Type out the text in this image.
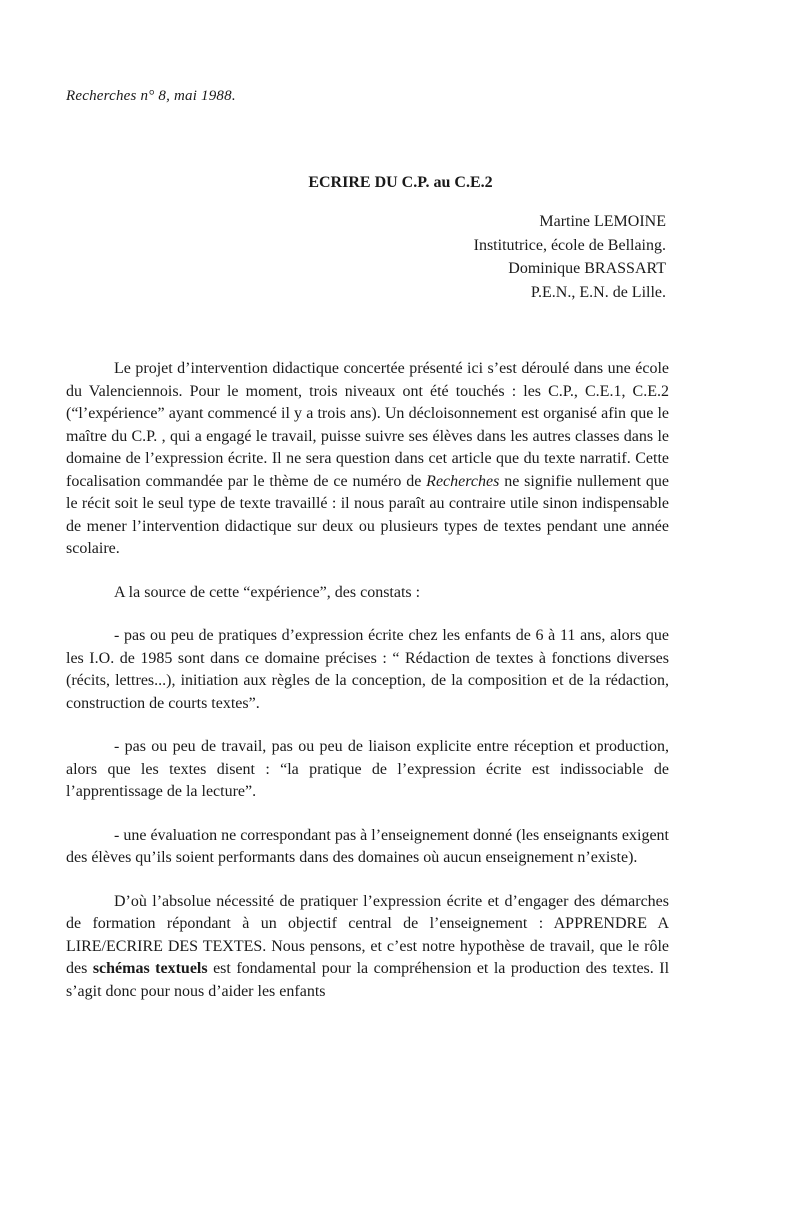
Recherches n° 8, mai 1988.
ECRIRE DU C.P. au C.E.2
Martine LEMOINE
Institutrice, école de Bellaing.
Dominique BRASSART
P.E.N., E.N. de Lille.

Le projet d’intervention didactique concertée présenté ici s’est déroulé dans une école du Valenciennois. Pour le moment, trois niveaux ont été touchés : les C.P., C.E.1, C.E.2 (“l’expérience” ayant commencé il y a trois ans). Un décloisonnement est organisé afin que le maître du C.P. , qui a engagé le travail, puisse suivre ses élèves dans les autres classes dans le domaine de l’expression écrite. Il ne sera question dans cet article que du texte narratif. Cette focalisation commandée par le thème de ce numéro de Recherches ne signifie nullement que le récit soit le seul type de texte travaillé : il nous paraît au contraire utile sinon indispensable de mener l’intervention didactique sur deux ou plusieurs types de textes pendant une année scolaire.

A la source de cette “expérience”, des constats :

- pas ou peu de pratiques d’expression écrite chez les enfants de 6 à 11 ans, alors que les I.O. de 1985 sont dans ce domaine précises : “ Rédaction de textes à fonctions diverses (récits, lettres...), initiation aux règles de la conception, de la composition et de la rédaction, construction de courts textes”.

- pas ou peu de travail, pas ou peu de liaison explicite entre réception et production, alors que les textes disent : “la pratique de l’expression écrite est indissociable de l’apprentissage de la lecture”.

- une évaluation ne correspondant pas à l’enseignement donné (les enseignants exigent des élèves qu’ils soient performants dans des domaines où aucun enseignement n’existe).

D’où l’absolue nécessité de pratiquer l’expression écrite et d’engager des démarches de formation répondant à un objectif central de l’enseignement : APPRENDRE A LIRE/ECRIRE DES TEXTES. Nous pensons, et c’est notre hypothèse de travail, que le rôle des schémas textuels est fondamental pour la compréhension et la production des textes. Il s’agit donc pour nous d’aider les enfants
